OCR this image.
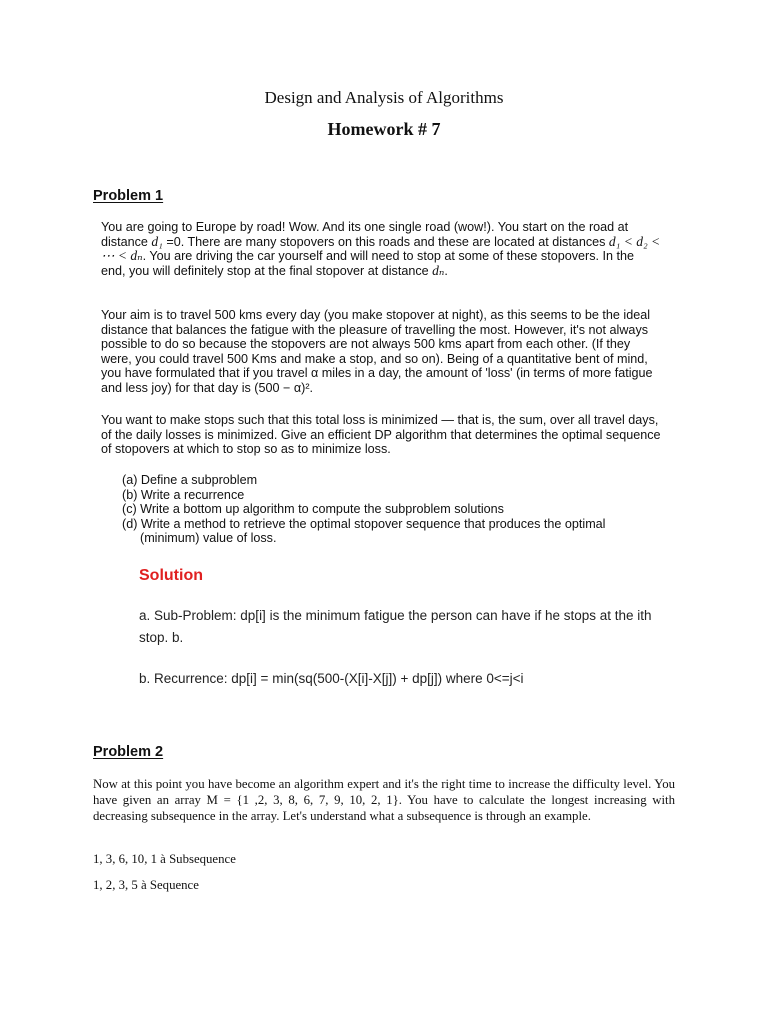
Design and Analysis of Algorithms
Homework # 7
Problem 1

You are going to Europe by road! Wow. And its one single road (wow!). You start on the road at distance d₁ =0. There are many stopovers on this roads and these are located at distances d₁ < d₂ < ⋯ < dₙ. You are driving the car yourself and will need to stop at some of these stopovers. In the end, you will definitely stop at the final stopover at distance dₙ.

Your aim is to travel 500 kms every day (you make stopover at night), as this seems to be the ideal distance that balances the fatigue with the pleasure of travelling the most. However, it's not always possible to do so because the stopovers are not always 500 kms apart from each other. (If they were, you could travel 500 Kms and make a stop, and so on). Being of a quantitative bent of mind, you have formulated that if you travel α miles in a day, the amount of 'loss' (in terms of more fatigue and less joy) for that day is (500 − α)².

You want to make stops such that this total loss is minimized — that is, the sum, over all travel days, of the daily losses is minimized. Give an efficient DP algorithm that determines the optimal sequence of stopovers at which to stop so as to minimize loss.

(a) Define a subproblem
(b) Write a recurrence
(c) Write a bottom up algorithm to compute the subproblem solutions
(d) Write a method to retrieve the optimal stopover sequence that produces the optimal (minimum) value of loss.
Solution

a. Sub-Problem: dp[i] is the minimum fatigue the person can have if he stops at the ith stop. b.

b. Recurrence: dp[i] = min(sq(500-(X[i]-X[j]) + dp[j]) where 0<=j<i

Problem 2

Now at this point you have become an algorithm expert and it's the right time to increase the difficulty level. You have given an array M = {1 ,2, 3, 8, 6, 7, 9, 10, 2, 1}. You have to calculate the longest increasing with decreasing subsequence in the array. Let's understand what a subsequence is through an example.

1, 3, 6, 10, 1 à Subsequence

1, 2, 3, 5 à Sequence
